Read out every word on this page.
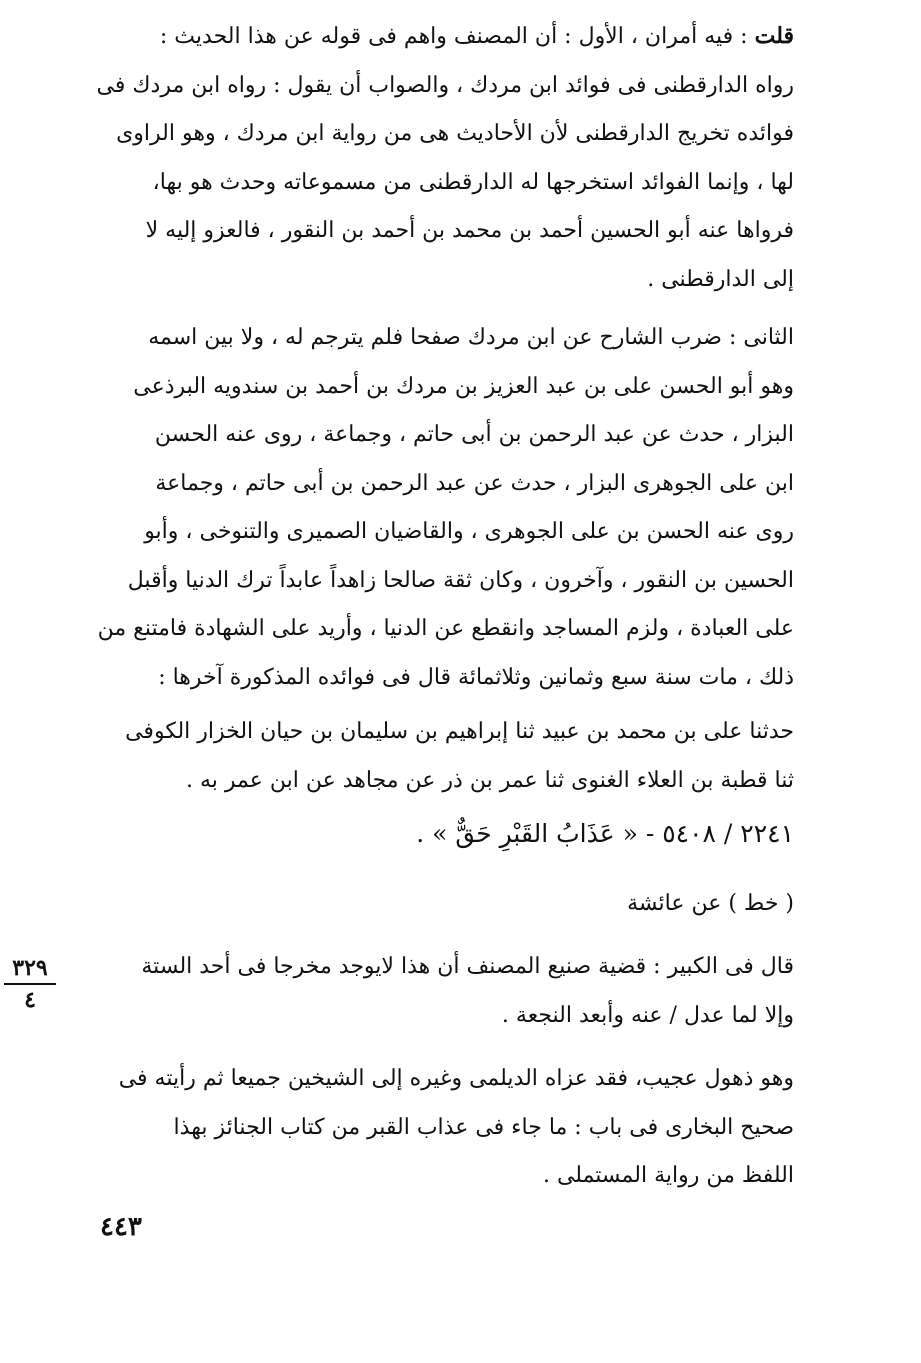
قلت : فيه أمران ، الأول : أن المصنف واهم فى قوله عن هذا الحديث :
رواه الدارقطنى فى فوائد ابن مردك ، والصواب أن يقول : رواه ابن مردك فى
فوائده تخريج الدارقطنى لأن الأحاديث هى من رواية ابن مردك ، وهو الراوى
لها ، وإنما الفوائد استخرجها له الدارقطنى من مسموعاته وحدث هو بها،
فرواها عنه أبو الحسين أحمد بن محمد بن أحمد بن النقور ، فالعزو إليه لا
إلى الدارقطنى .
الثانى : ضرب الشارح عن ابن مردك صفحا فلم يترجم له ، ولا بين اسمه
وهو أبو الحسن على بن عبد العزيز بن مردك بن أحمد بن سندويه البرذعى
البزار ، حدث عن عبد الرحمن بن أبى حاتم ، وجماعة ، روى عنه الحسن
ابن على الجوهرى البزار ، حدث عن عبد الرحمن بن أبى حاتم ، وجماعة
روى عنه الحسن بن على الجوهرى ، والقاضيان الصميرى والتنوخى ، وأبو
الحسين بن النقور ، وآخرون ، وكان ثقة صالحا زاهداً عابداً ترك الدنيا وأقبل
على العبادة ، ولزم المساجد وانقطع عن الدنيا ، وأريد على الشهادة فامتنع من
ذلك ، مات سنة سبع وثمانين وثلاثمائة قال فى فوائده المذكورة آخرها :
حدثنا على بن محمد بن عبيد ثنا إبراهيم بن سليمان بن حيان الخزار الكوفى
ثنا قطبة بن العلاء الغنوى ثنا عمر بن ذر عن مجاهد عن ابن عمر به .
٢٢٤١ / ٥٤٠٨ - « عَذَابُ القَبْرِ حَقٌّ » .
( خط ) عن عائشة
قال فى الكبير : قضية صنيع المصنف أن هذا لايوجد مخرجا فى أحد الستة
وإلا لما عدل / عنه وأبعد النجعة .
وهو ذهول عجيب، فقد عزاه الديلمى وغيره إلى الشيخين جميعا ثم رأيته فى
صحيح البخارى فى باب : ما جاء فى عذاب القبر من كتاب الجنائز بهذا
اللفظ من رواية المستملى .
٣٢٩
٤
٤٤٣
